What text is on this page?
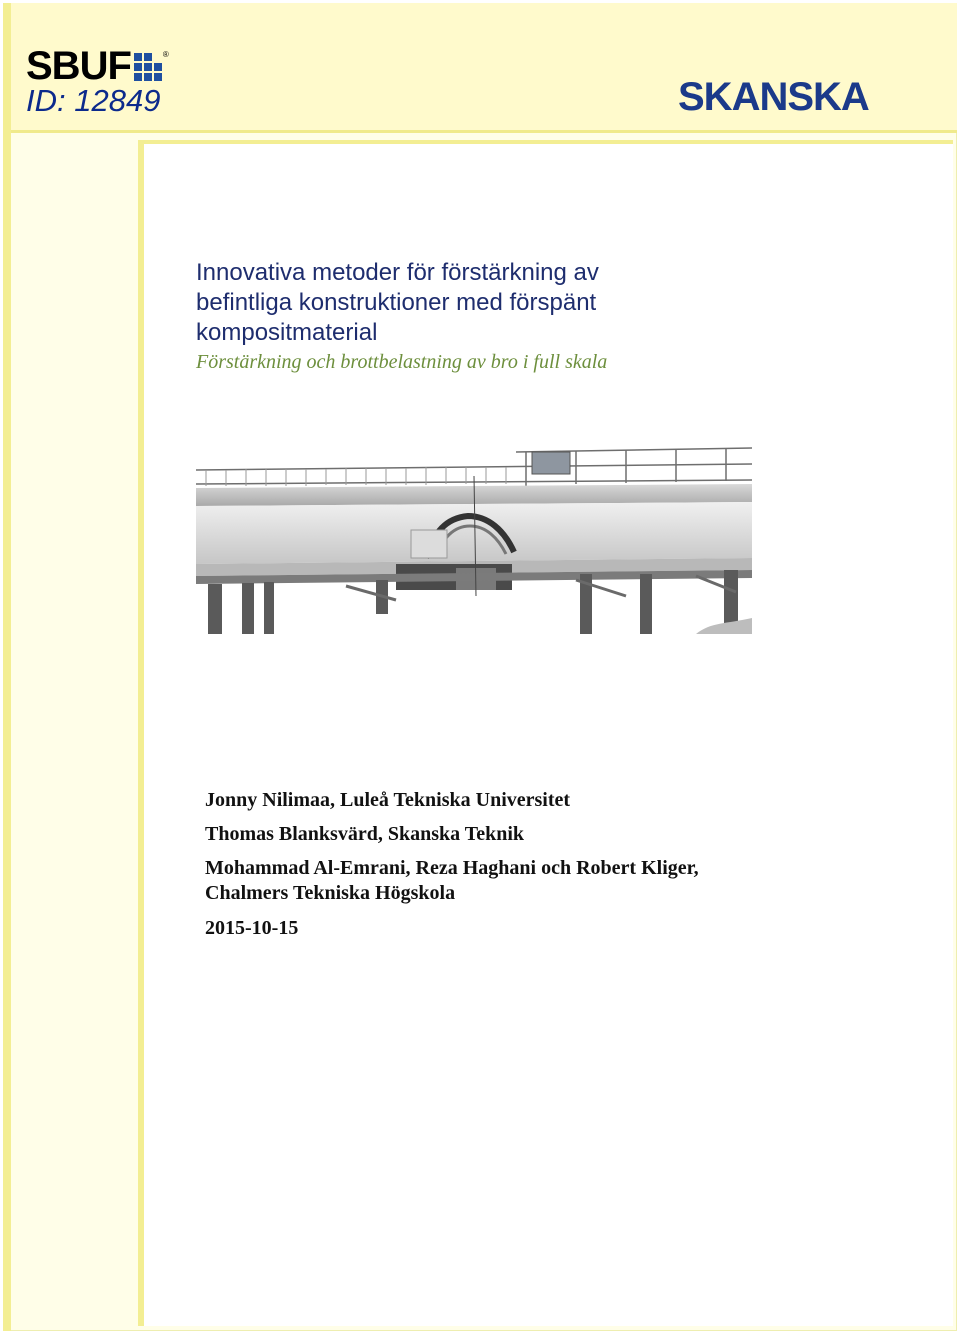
SBUF	®
ID: 12849	SKANSKA
Innovativa metoder för förstärkning av
befintliga konstruktioner med förspänt
kompositmaterial

Förstärkning och brottbelastning av bro i full skala

Jonny Nilimaa, Luleå Tekniska Universitet

Thomas Blanksvärd, Skanska Teknik

Mohammad Al-Emrani, Reza Haghani och Robert Kliger,

Chalmers Tekniska Högskola

2015-10-15
